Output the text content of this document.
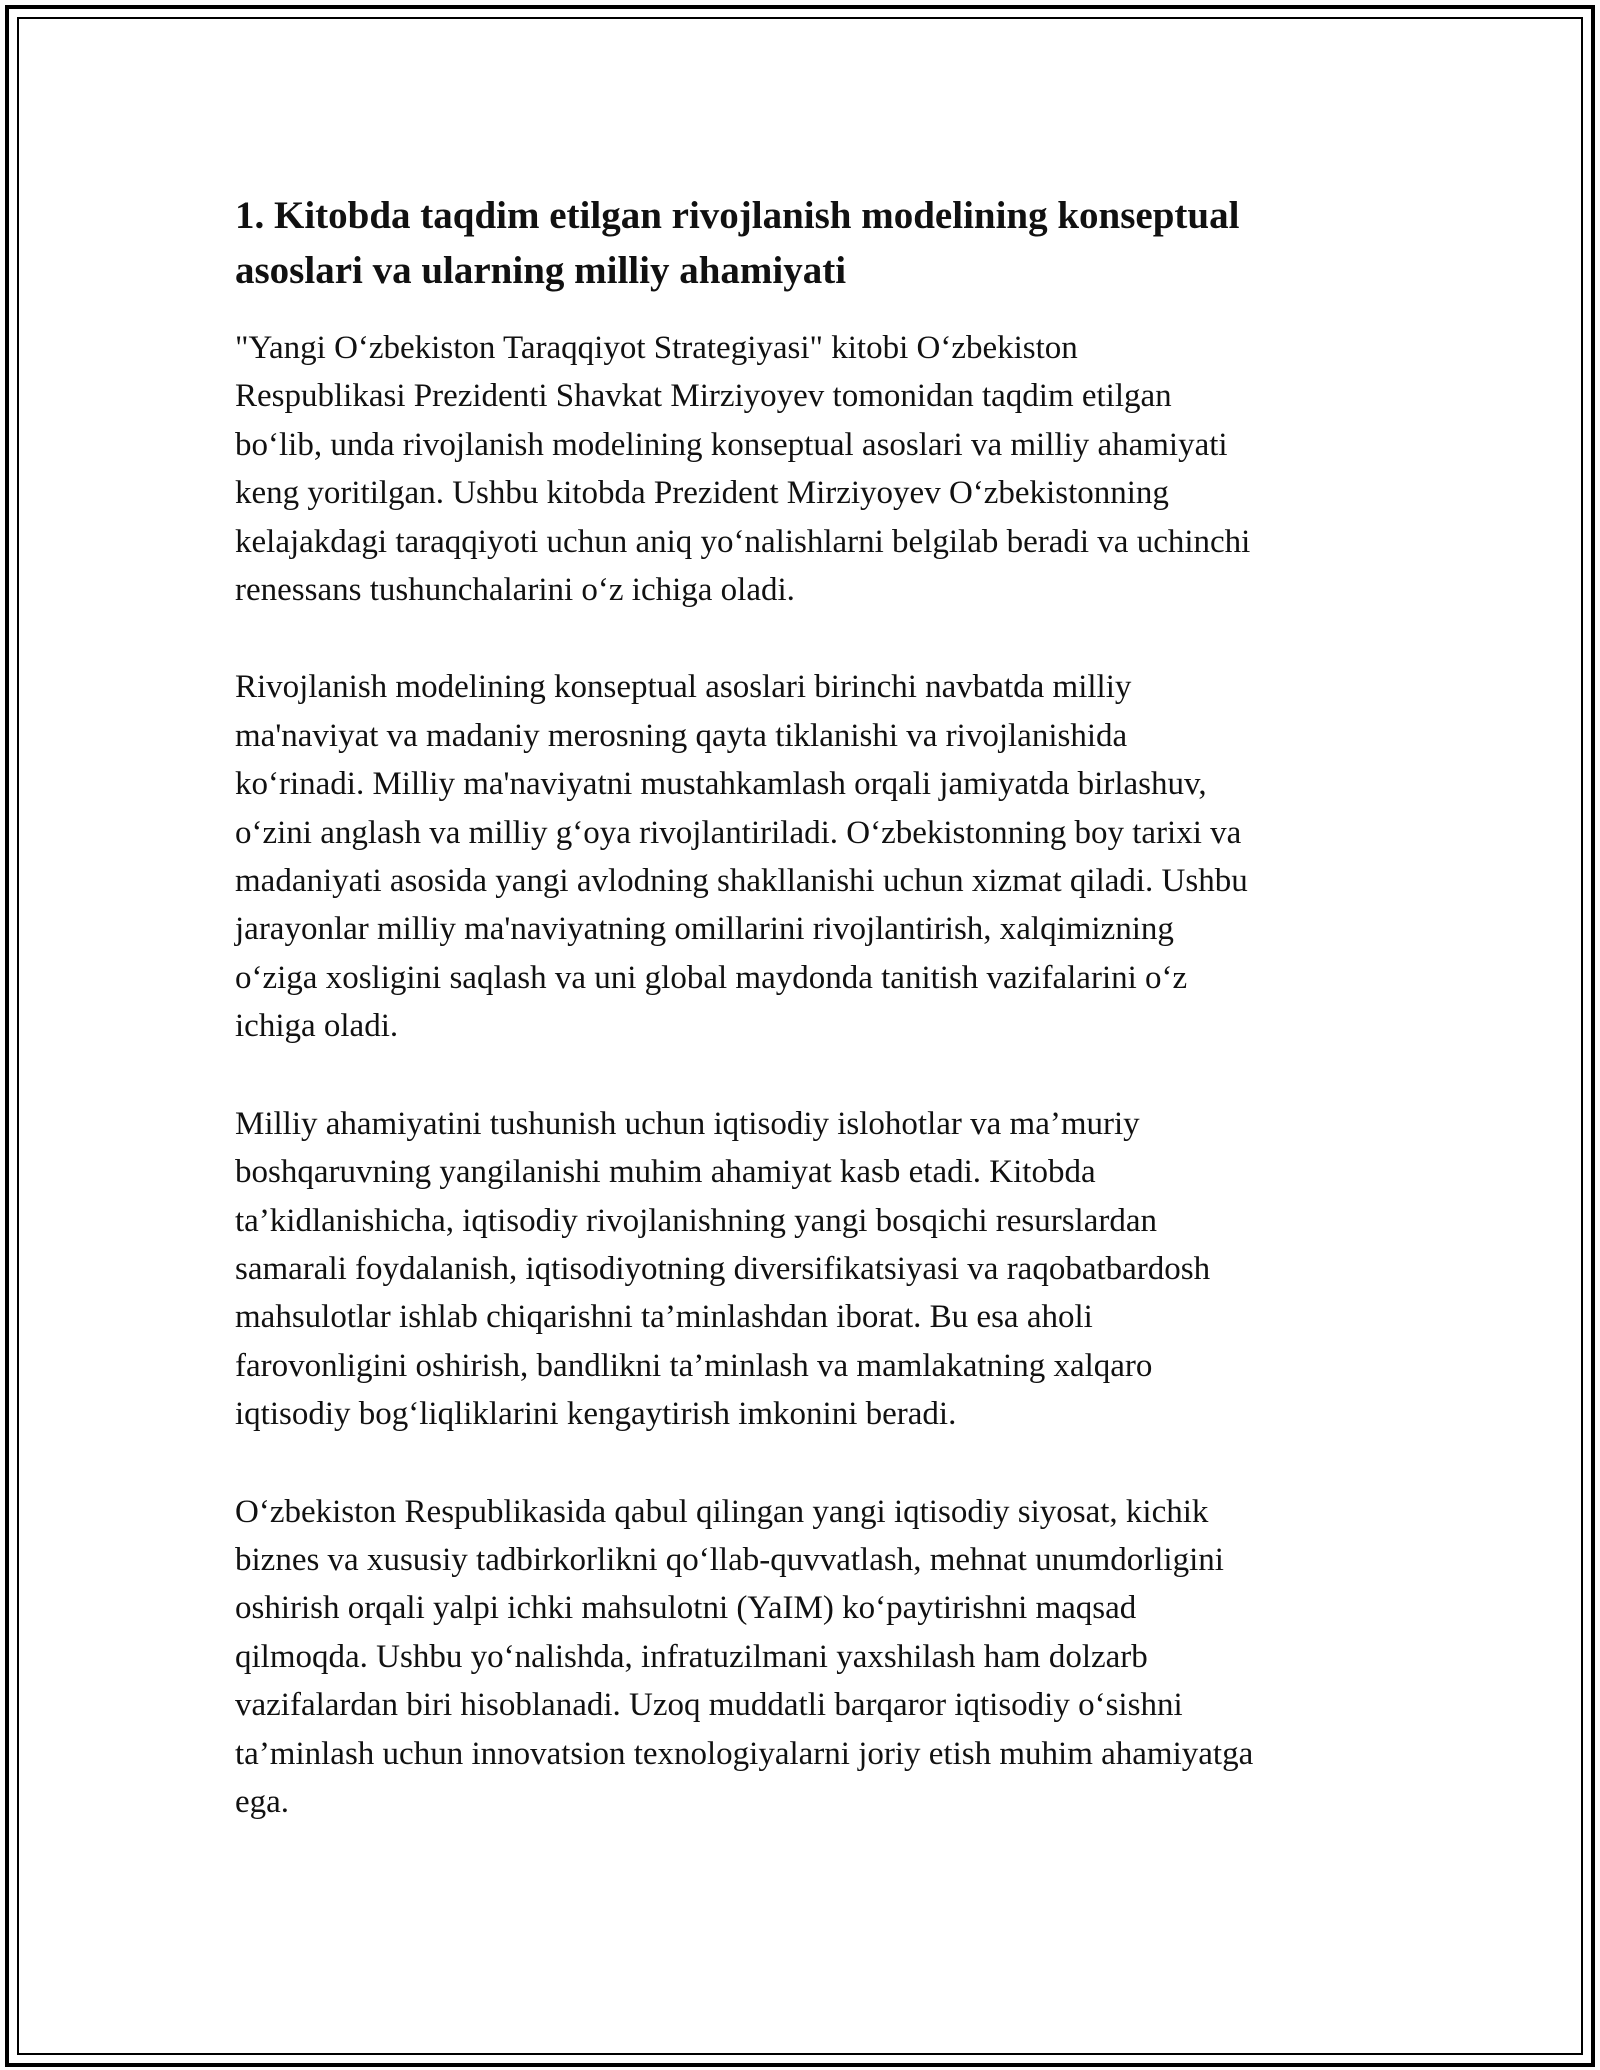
1. Kitobda taqdim etilgan rivojlanish modelining konseptual
asoslari va ularning milliy ahamiyati

"Yangi O‘zbekiston Taraqqiyot Strategiyasi" kitobi O‘zbekiston
Respublikasi Prezidenti Shavkat Mirziyoyev tomonidan taqdim etilgan
bo‘lib, unda rivojlanish modelining konseptual asoslari va milliy ahamiyati
keng yoritilgan. Ushbu kitobda Prezident Mirziyoyev O‘zbekistonning
kelajakdagi taraqqiyoti uchun aniq yo‘nalishlarni belgilab beradi va uchinchi
renessans tushunchalarini o‘z ichiga oladi.

Rivojlanish modelining konseptual asoslari birinchi navbatda milliy
ma'naviyat va madaniy merosning qayta tiklanishi va rivojlanishida
ko‘rinadi. Milliy ma'naviyatni mustahkamlash orqali jamiyatda birlashuv,
o‘zini anglash va milliy g‘oya rivojlantiriladi. O‘zbekistonning boy tarixi va
madaniyati asosida yangi avlodning shakllanishi uchun xizmat qiladi. Ushbu
jarayonlar milliy ma'naviyatning omillarini rivojlantirish, xalqimizning
o‘ziga xosligini saqlash va uni global maydonda tanitish vazifalarini o‘z
ichiga oladi.

Milliy ahamiyatini tushunish uchun iqtisodiy islohotlar va ma’muriy
boshqaruvning yangilanishi muhim ahamiyat kasb etadi. Kitobda
ta’kidlanishicha, iqtisodiy rivojlanishning yangi bosqichi resurslardan
samarali foydalanish, iqtisodiyotning diversifikatsiyasi va raqobatbardosh
mahsulotlar ishlab chiqarishni ta’minlashdan iborat. Bu esa aholi
farovonligini oshirish, bandlikni ta’minlash va mamlakatning xalqaro
iqtisodiy bog‘liqliklarini kengaytirish imkonini beradi.

O‘zbekiston Respublikasida qabul qilingan yangi iqtisodiy siyosat, kichik
biznes va xususiy tadbirkorlikni qo‘llab-quvvatlash, mehnat unumdorligini
oshirish orqali yalpi ichki mahsulotni (YaIM) ko‘paytirishni maqsad
qilmoqda. Ushbu yo‘nalishda, infratuzilmani yaxshilash ham dolzarb
vazifalardan biri hisoblanadi. Uzoq muddatli barqaror iqtisodiy o‘sishni
ta’minlash uchun innovatsion texnologiyalarni joriy etish muhim ahamiyatga
ega.
